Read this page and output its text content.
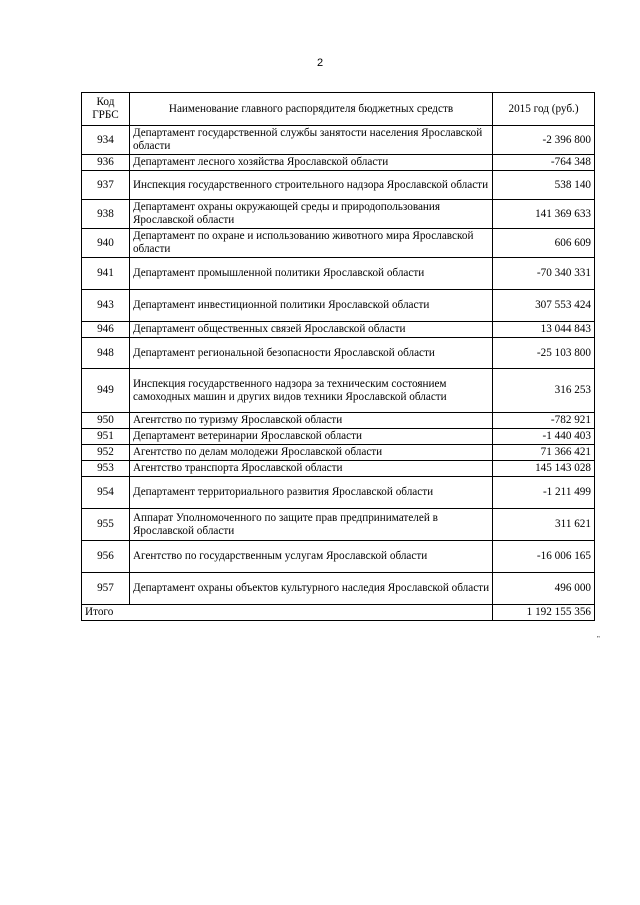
2
Код ГРБС	Наименование главного распорядителя бюджетных средств	2015 год (руб.)
934	Департамент государственной службы занятости населения Ярославской области	-2 396 800
936	Департамент лесного хозяйства Ярославской области	-764 348
937	Инспекция государственного строительного надзора Ярославской области	538 140
938	Департамент охраны окружающей среды и природопользования Ярославской области	141 369 633
940	Департамент по охране и использованию животного мира Ярославской области	606 609
941	Департамент промышленной политики Ярославской области	-70 340 331
943	Департамент инвестиционной политики Ярославской области	307 553 424
946	Департамент общественных связей Ярославской области	13 044 843
948	Департамент региональной безопасности Ярославской области	-25 103 800
949	Инспекция государственного надзора за техническим состоянием самоходных машин и других видов техники Ярославской области	316 253
950	Агентство по туризму Ярославской области	-782 921
951	Департамент ветеринарии Ярославской области	-1 440 403
952	Агентство по делам молодежи Ярославской области	71 366 421
953	Агентство транспорта Ярославской области	145 143 028
954	Департамент территориального развития Ярославской области	-1 211 499
955	Аппарат Уполномоченного по защите прав предпринимателей в Ярославской области	311 621
956	Агентство по государственным услугам Ярославской области	-16 006 165
957	Департамент охраны объектов культурного наследия Ярославской области	496 000
Итого		1 192 155 356
"
